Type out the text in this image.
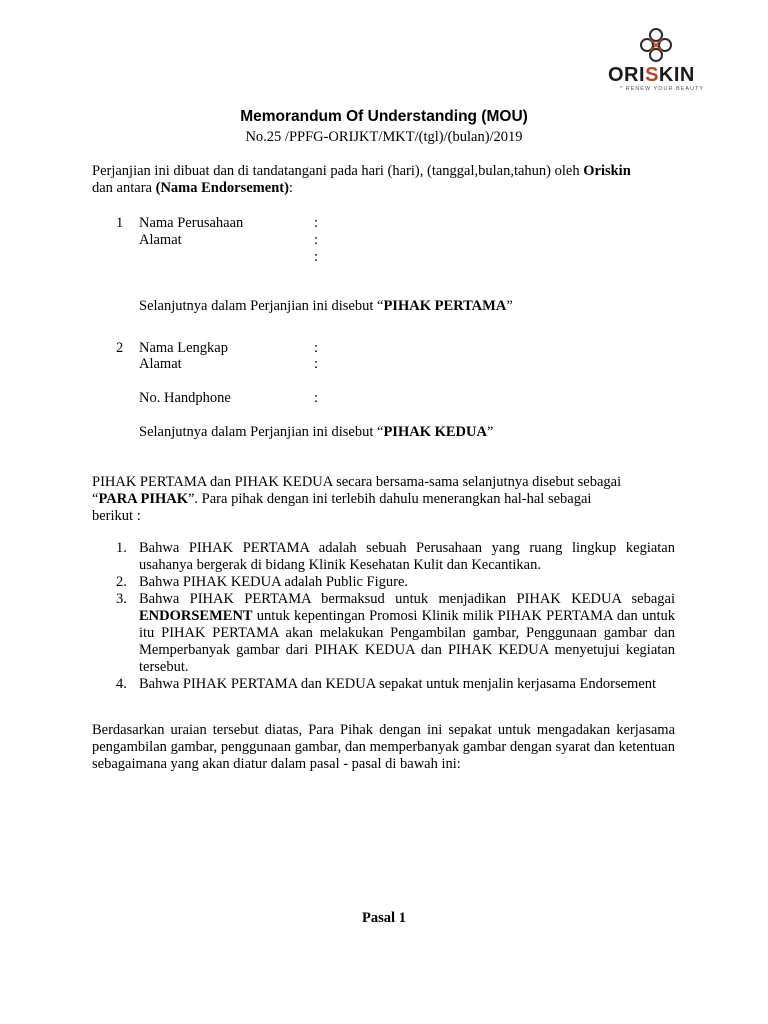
ORISKIN
* RENEW YOUR BEAUTY
Memorandum Of Understanding (MOU)
No.25 /PPFG-ORIJKT/MKT/(tgl)/(bulan)/2019
Perjanjian ini dibuat dan di tandatangani pada hari (hari), (tanggal,bulan,tahun) oleh Oriskin
dan antara (Nama Endorsement):
1 Nama Perusahaan	:
Alamat	:
:
Selanjutnya dalam Perjanjian ini disebut “PIHAK PERTAMA”
2 Nama Lengkap	:
Alamat	:
No. Handphone	:
Selanjutnya dalam Perjanjian ini disebut “PIHAK KEDUA”
PIHAK PERTAMA dan PIHAK KEDUA secara bersama-sama selanjutnya disebut sebagai
“PARA PIHAK”. Para pihak dengan ini terlebih dahulu menerangkan hal-hal sebagai
berikut :
1. Bahwa PIHAK PERTAMA adalah sebuah Perusahaan yang ruang lingkup kegiatan usahanya bergerak di bidang Klinik Kesehatan Kulit dan Kecantikan.
2. Bahwa PIHAK KEDUA adalah Public Figure.
3. Bahwa PIHAK PERTAMA bermaksud untuk menjadikan PIHAK KEDUA sebagai ENDORSEMENT untuk kepentingan Promosi Klinik milik PIHAK PERTAMA dan untuk itu PIHAK PERTAMA akan melakukan Pengambilan gambar, Penggunaan gambar dan Memperbanyak gambar dari PIHAK KEDUA dan PIHAK KEDUA menyetujui kegiatan tersebut.
4. Bahwa PIHAK PERTAMA dan KEDUA sepakat untuk menjalin kerjasama Endorsement
Berdasarkan uraian tersebut diatas, Para Pihak dengan ini sepakat untuk mengadakan kerjasama pengambilan gambar, penggunaan gambar, dan memperbanyak gambar dengan syarat dan ketentuan sebagaimana yang akan diatur dalam pasal - pasal di bawah ini:
Pasal 1
